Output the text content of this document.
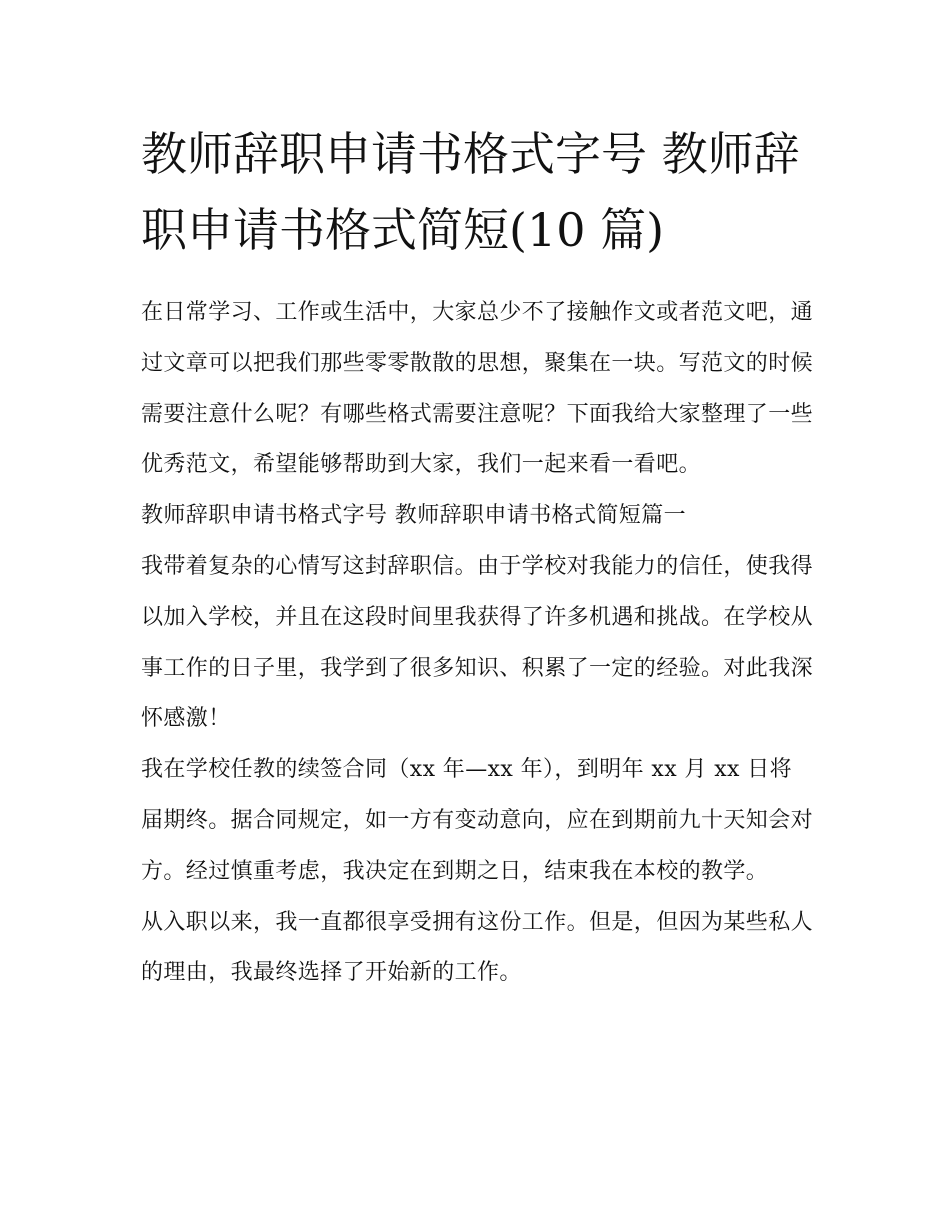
教师辞职申请书格式字号 教师辞职申请书格式简短(10 篇)

在日常学习、工作或生活中，大家总少不了接触作文或者范文吧，通过文章可以把我们那些零零散散的思想，聚集在一块。写范文的时候需要注意什么呢？有哪些格式需要注意呢？下面我给大家整理了一些优秀范文，希望能够帮助到大家，我们一起来看一看吧。

教师辞职申请书格式字号 教师辞职申请书格式简短篇一

我带着复杂的心情写这封辞职信。由于学校对我能力的信任，使我得以加入学校，并且在这段时间里我获得了许多机遇和挑战。在学校从事工作的日子里，我学到了很多知识、积累了一定的经验。对此我深怀感激！

我在学校任教的续签合同（xx 年—xx 年），到明年 xx 月 xx 日将届期终。据合同规定，如一方有变动意向，应在到期前九十天知会对方。经过慎重考虑，我决定在到期之日，结束我在本校的教学。

从入职以来，我一直都很享受拥有这份工作。但是，但因为某些私人的理由，我最终选择了开始新的工作。
